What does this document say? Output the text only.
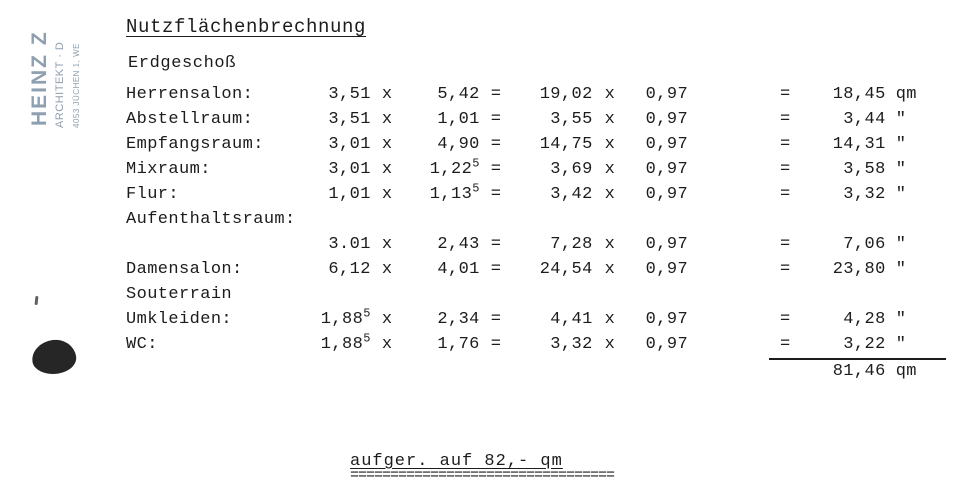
HEINZ Z ARCHITEKT · D 4053 JÜCHEN 1, WE
Nutzflächenbrechnung
Erdgeschoß
Herrensalon:	3,51	x	5,42	=	19,02	x	0,97		=	18,45	qm
Abstellraum:	3,51	x	1,01	=	3,55	x	0,97		=	3,44	"
Empfangsraum:	3,01	x	4,90	=	14,75	x	0,97		=	14,31	"
Mixraum:	3,01	x	$1,22^5$	=	3,69	x	0,97		=	3,58	"
Flur:	1,01	x	$1,13^5$	=	3,42	x	0,97		=	3,32	"
Aufenthaltsraum:											
	3.01	x	2,43	=	7,28	x	0,97		=	7,06	"
Damensalon:	6,12	x	4,01	=	24,54	x	0,97		=	23,80	"
Souterrain											
Umkleiden:	1,88$^5$	x	2,34	=	4,41	x	0,97		=	4,28	"
WC:	1,88$^5$	x	1,76	=	3,32	x	0,97		=	3,22	"
										81,46	qm
aufger. auf 82,- qm
=================================
